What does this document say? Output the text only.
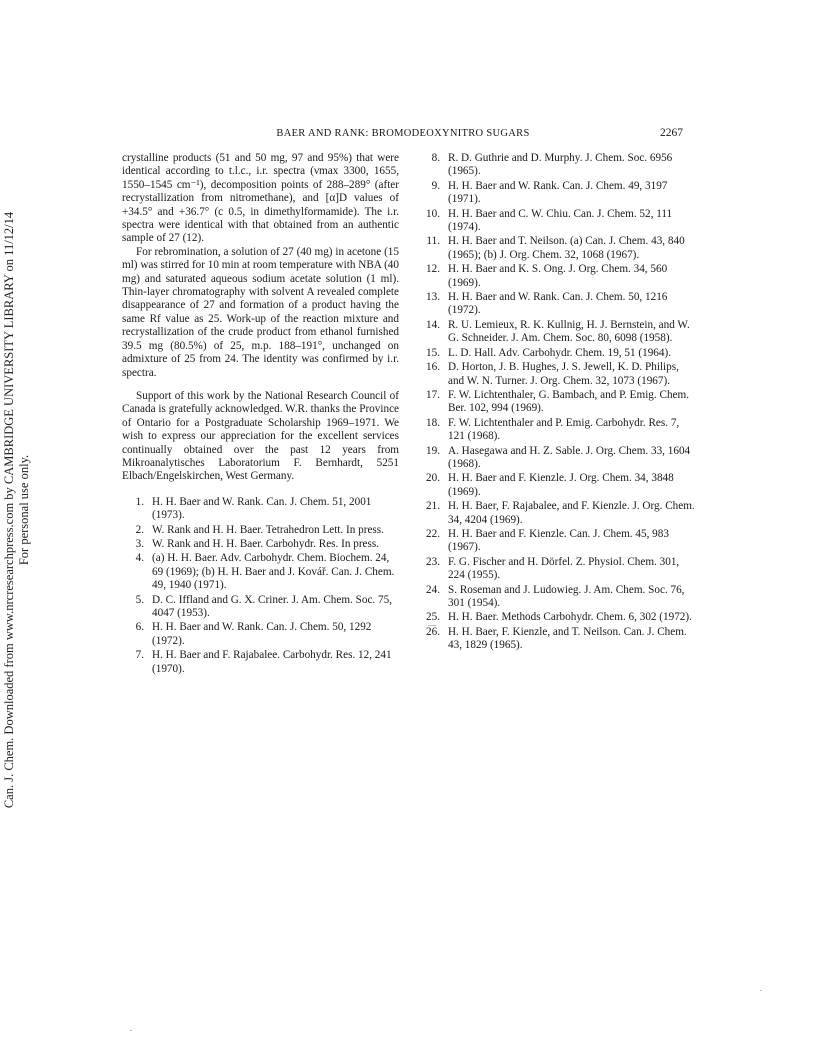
BAER AND RANK: BROMODEOXYNITRO SUGARS	2267

crystalline products (51 and 50 mg, 97 and 95%) that were identical according to t.l.c., i.r. spectra (νmax 3300, 1655, 1550–1545 cm⁻¹), decomposition points of 288–289° (after recrystallization from nitromethane), and [α]D values of +34.5° and +36.7° (c 0.5, in dimethylformamide). The i.r. spectra were identical with that obtained from an authentic sample of 27 (12).

For rebromination, a solution of 27 (40 mg) in acetone (15 ml) was stirred for 10 min at room temperature with NBA (40 mg) and saturated aqueous sodium acetate solution (1 ml). Thin-layer chromatography with solvent A revealed complete disappearance of 27 and formation of a product having the same Rf value as 25. Work-up of the reaction mixture and recrystallization of the crude product from ethanol furnished 39.5 mg (80.5%) of 25, m.p. 188–191°, unchanged on admixture of 25 from 24. The identity was confirmed by i.r. spectra.

Support of this work by the National Research Council of Canada is gratefully acknowledged. W.R. thanks the Province of Ontario for a Postgraduate Scholarship 1969–1971. We wish to express our appreciation for the excellent services continually obtained over the past 12 years from Mikroanalytisches Laboratorium F. Bernhardt, 5251 Elbach/Engelskirchen, West Germany.

1. H. H. Baer and W. Rank. Can. J. Chem. 51, 2001 (1973).
2. W. Rank and H. H. Baer. Tetrahedron Lett. In press.
3. W. Rank and H. H. Baer. Carbohydr. Res. In press.
4. (a) H. H. Baer. Adv. Carbohydr. Chem. Biochem. 24, 69 (1969); (b) H. H. Baer and J. Kovář. Can. J. Chem. 49, 1940 (1971).
5. D. C. Iffland and G. X. Criner. J. Am. Chem. Soc. 75, 4047 (1953).
6. H. H. Baer and W. Rank. Can. J. Chem. 50, 1292 (1972).
7. H. H. Baer and F. Rajabalee. Carbohydr. Res. 12, 241 (1970).
8. R. D. Guthrie and D. Murphy. J. Chem. Soc. 6956 (1965).
9. H. H. Baer and W. Rank. Can. J. Chem. 49, 3197 (1971).
10. H. H. Baer and C. W. Chiu. Can. J. Chem. 52, 111 (1974).
11. H. H. Baer and T. Neilson. (a) Can. J. Chem. 43, 840 (1965); (b) J. Org. Chem. 32, 1068 (1967).
12. H. H. Baer and K. S. Ong. J. Org. Chem. 34, 560 (1969).
13. H. H. Baer and W. Rank. Can. J. Chem. 50, 1216 (1972).
14. R. U. Lemieux, R. K. Kullnig, H. J. Bernstein, and W. G. Schneider. J. Am. Chem. Soc. 80, 6098 (1958).
15. L. D. Hall. Adv. Carbohydr. Chem. 19, 51 (1964).
16. D. Horton, J. B. Hughes, J. S. Jewell, K. D. Philips, and W. N. Turner. J. Org. Chem. 32, 1073 (1967).
17. F. W. Lichtenthaler, G. Bambach, and P. Emig. Chem. Ber. 102, 994 (1969).
18. F. W. Lichtenthaler and P. Emig. Carbohydr. Res. 7, 121 (1968).
19. A. Hasegawa and H. Z. Sable. J. Org. Chem. 33, 1604 (1968).
20. H. H. Baer and F. Kienzle. J. Org. Chem. 34, 3848 (1969).
21. H. H. Baer, F. Rajabalee, and F. Kienzle. J. Org. Chem. 34, 4204 (1969).
22. H. H. Baer and F. Kienzle. Can. J. Chem. 45, 983 (1967).
23. F. G. Fischer and H. Dörfel. Z. Physiol. Chem. 301, 224 (1955).
24. S. Roseman and J. Ludowieg. J. Am. Chem. Soc. 76, 301 (1954).
25. H. H. Baer. Methods Carbohydr. Chem. 6, 302 (1972).
26. H. H. Baer, F. Kienzle, and T. Neilson. Can. J. Chem. 43, 1829 (1965).
Can. J. Chem. Downloaded from www.nrcresearchpress.com by CAMBRIDGE UNIVERSITY LIBRARY on 11/12/14 For personal use only.
